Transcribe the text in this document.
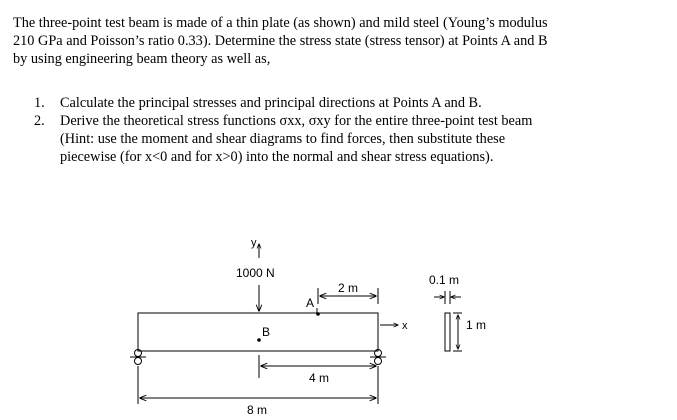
The three-point test beam is made of a thin plate (as shown) and mild steel (Young’s modulus
210 GPa and Poisson’s ratio 0.33). Determine the stress state (stress tensor) at Points A and B
by using engineering beam theory as well as,
1. Calculate the principal stresses and principal directions at Points A and B.
2. Derive the theoretical stress functions σxx, σxy for the entire three-point test beam
(Hint: use the moment and shear diagrams to find forces, then substitute these
piecewise (for x<0 and for x>0) into the normal and shear stress equations).
y
1000 N
A
2 m
x
B
4 m
8 m
0.1 m
1 m
